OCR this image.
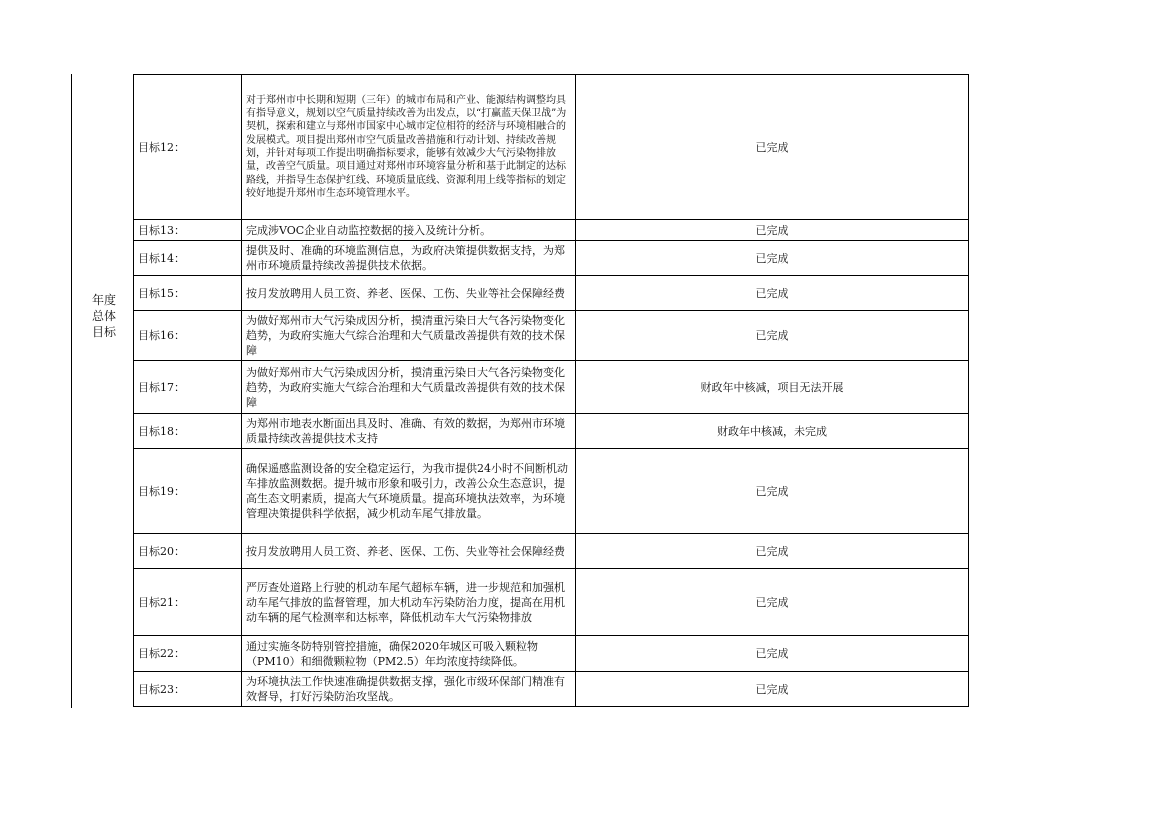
年度
总体
目标
目标12：	对于郑州市中长期和短期（三年）的城市布局和产业、能源结构调整均具有指导意义，规划以空气质量持续改善为出发点，以“打赢蓝天保卫战”为契机，探索和建立与郑州市国家中心城市定位相符的经济与环境相融合的发展模式。项目提出郑州市空气质量改善措施和行动计划、持续改善规划，并针对每项工作提出明确指标要求，能够有效减少大气污染物排放量，改善空气质量。项目通过对郑州市环境容量分析和基于此制定的达标路线，并指导生态保护红线、环境质量底线、资源利用上线等指标的划定较好地提升郑州市生态环境管理水平。	已完成
目标13：	完成涉VOC企业自动监控数据的接入及统计分析。	已完成
目标14：	提供及时、准确的环境监测信息，为政府决策提供数据支持，为郑州市环境质量持续改善提供技术依据。	已完成
目标15：	按月发放聘用人员工资、养老、医保、工伤、失业等社会保障经费	已完成
目标16：	为做好郑州市大气污染成因分析，摸清重污染日大气各污染物变化趋势，为政府实施大气综合治理和大气质量改善提供有效的技术保障	已完成
目标17：	为做好郑州市大气污染成因分析，摸清重污染日大气各污染物变化趋势，为政府实施大气综合治理和大气质量改善提供有效的技术保障	财政年中核减，项目无法开展
目标18：	为郑州市地表水断面出具及时、准确、有效的数据，为郑州市环境质量持续改善提供技术支持	财政年中核减，未完成
目标19：	确保遥感监测设备的安全稳定运行，为我市提供24小时不间断机动车排放监测数据。提升城市形象和吸引力，改善公众生态意识，提高生态文明素质，提高大气环境质量。提高环境执法效率，为环境管理决策提供科学依据，减少机动车尾气排放量。	已完成
目标20：	按月发放聘用人员工资、养老、医保、工伤、失业等社会保障经费	已完成
目标21：	严厉查处道路上行驶的机动车尾气超标车辆，进一步规范和加强机动车尾气排放的监督管理，加大机动车污染防治力度，提高在用机动车辆的尾气检测率和达标率，降低机动车大气污染物排放	已完成
目标22：	通过实施冬防特别管控措施，确保2020年城区可吸入颗粒物（PM10）和细微颗粒物（PM2.5）年均浓度持续降低。	已完成
目标23：	为环境执法工作快速准确提供数据支撑，强化市级环保部门精准有效督导，打好污染防治攻坚战。	已完成
